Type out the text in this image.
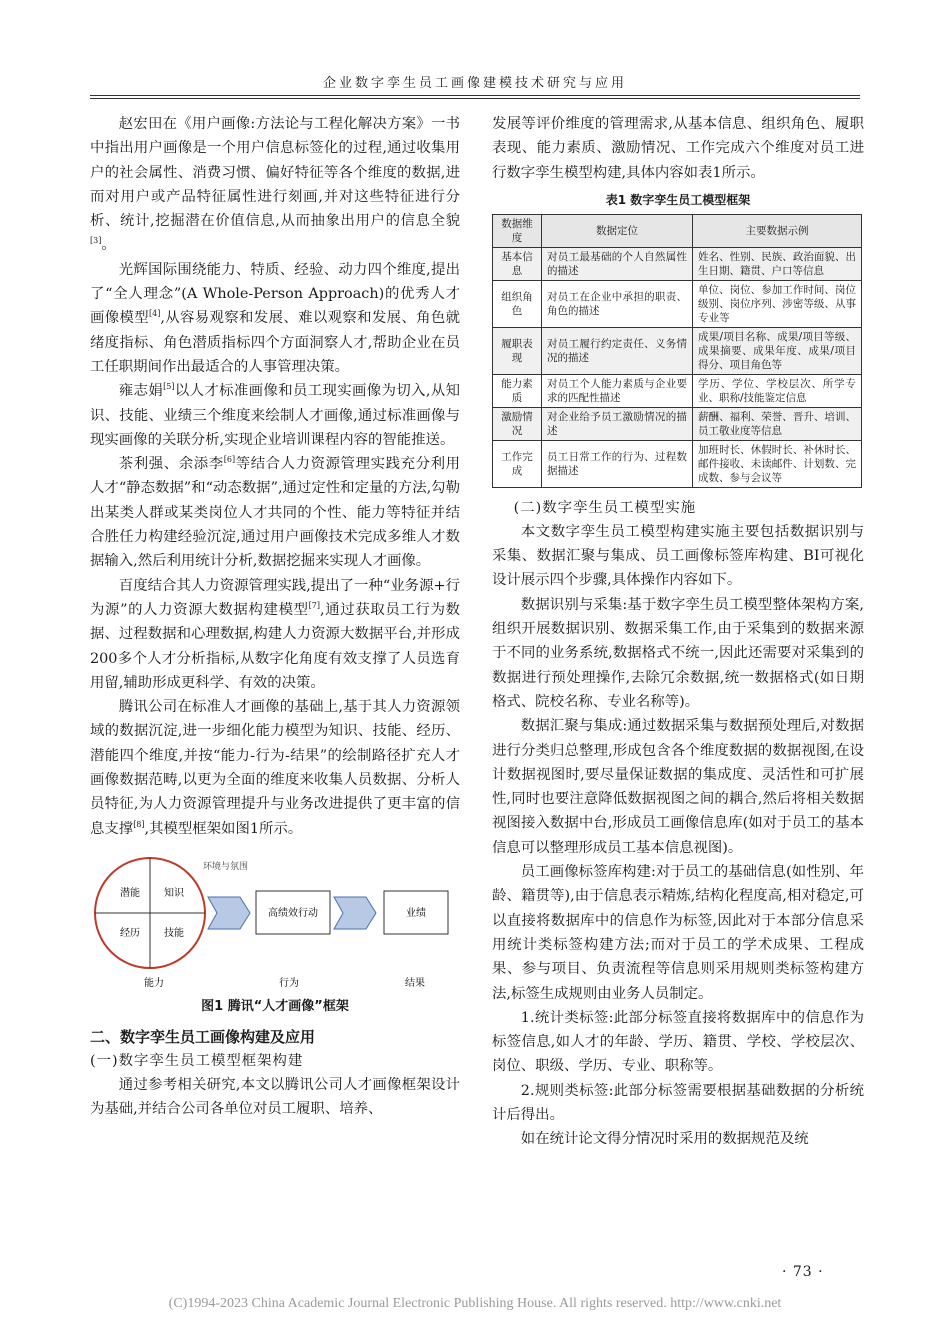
企业数字孪生员工画像建模技术研究与应用

赵宏田在《用户画像:方法论与工程化解决方案》一书中指出用户画像是一个用户信息标签化的过程,通过收集用户的社会属性、消费习惯、偏好特征等各个维度的数据,进而对用户或产品特征属性进行刻画,并对这些特征进行分析、统计,挖掘潜在价值信息,从而抽象出用户的信息全貌[3]。

光辉国际围绕能力、特质、经验、动力四个维度,提出了“全人理念”(A Whole-Person Approach)的优秀人才画像模型[4],从容易观察和发展、难以观察和发展、角色就绪度指标、角色潜质指标四个方面洞察人才,帮助企业在员工任职期间作出最适合的人事管理决策。

雍志娟[5]以人才标准画像和员工现实画像为切入,从知识、技能、业绩三个维度来绘制人才画像,通过标准画像与现实画像的关联分析,实现企业培训课程内容的智能推送。

茶利强、余添李[6]等结合人力资源管理实践充分利用人才“静态数据”和“动态数据”,通过定性和定量的方法,勾勒出某类人群或某类岗位人才共同的个性、能力等特征并结合胜任力构建经验沉淀,通过用户画像技术完成多维人才数据输入,然后利用统计分析,数据挖掘来实现人才画像。

百度结合其人力资源管理实践,提出了一种“业务源+行为源”的人力资源大数据构建模型[7],通过获取员工行为数据、过程数据和心理数据,构建人力资源大数据平台,并形成200多个人才分析指标,从数字化角度有效支撑了人员选育用留,辅助形成更科学、有效的决策。

腾讯公司在标准人才画像的基础上,基于其人力资源领域的数据沉淀,进一步细化能力模型为知识、技能、经历、潜能四个维度,并按“能力-行为-结果”的绘制路径扩充人才画像数据范畴,以更为全面的维度来收集人员数据、分析人员特征,为人力资源管理提升与业务改进提供了更丰富的信息支撑[8],其模型框架如图1所示。

潜能 知识
经历 技能
环境与氛围
高绩效行动	业绩
能力	行为	结果
图1 腾讯“人才画像”框架
二、数字孪生员工画像构建及应用
(一)数字孪生员工模型框架构建

通过参考相关研究,本文以腾讯公司人才画像框架设计为基础,并结合公司各单位对员工履职、培养、

发展等评价维度的管理需求,从基本信息、组织角色、履职表现、能力素质、激励情况、工作完成六个维度对员工进行数字孪生模型构建,具体内容如表1所示。

表1 数字孪生员工模型框架
数据维度	数据定位	主要数据示例
基本信息	对员工最基础的个人自然属性的描述	姓名、性别、民族、政治面貌、出生日期、籍贯、户口等信息
组织角色	对员工在企业中承担的职责、角色的描述	单位、岗位、参加工作时间、岗位级别、岗位序列、涉密等级、从事专业等
履职表现	对员工履行约定责任、义务情况的描述	成果/项目名称、成果/项目等级、成果摘要、成果年度、成果/项目得分、项目角色等
能力素质	对员工个人能力素质与企业要求的匹配性描述	学历、学位、学校层次、所学专业、职称/技能鉴定信息
激励情况	对企业给予员工激励情况的描述	薪酬、福利、荣誉、晋升、培训、员工敬业度等信息
工作完成	员工日常工作的行为、过程数据描述	加班时长、休假时长、补休时长、邮件接收、未读邮件、计划数、完成数、参与会议等
(二)数字孪生员工模型实施

本文数字孪生员工模型构建实施主要包括数据识别与采集、数据汇聚与集成、员工画像标签库构建、BI可视化设计展示四个步骤,具体操作内容如下。

数据识别与采集:基于数字孪生员工模型整体架构方案,组织开展数据识别、数据采集工作,由于采集到的数据来源于不同的业务系统,数据格式不统一,因此还需要对采集到的数据进行预处理操作,去除冗余数据,统一数据格式(如日期格式、院校名称、专业名称等)。

数据汇聚与集成:通过数据采集与数据预处理后,对数据进行分类归总整理,形成包含各个维度数据的数据视图,在设计数据视图时,要尽量保证数据的集成度、灵活性和可扩展性,同时也要注意降低数据视图之间的耦合,然后将相关数据视图接入数据中台,形成员工画像信息库(如对于员工的基本信息可以整理形成员工基本信息视图)。

员工画像标签库构建:对于员工的基础信息(如性别、年龄、籍贯等),由于信息表示精炼,结构化程度高,相对稳定,可以直接将数据库中的信息作为标签,因此对于本部分信息采用统计类标签构建方法;而对于员工的学术成果、工程成果、参与项目、负责流程等信息则采用规则类标签构建方法,标签生成规则由业务人员制定。

1.统计类标签:此部分标签直接将数据库中的信息作为标签信息,如人才的年龄、学历、籍贯、学校、学校层次、岗位、职级、学历、专业、职称等。

2.规则类标签:此部分标签需要根据基础数据的分析统计后得出。

如在统计论文得分情况时采用的数据规范及统

· 73 ·
(C)1994-2023 China Academic Journal Electronic Publishing House. All rights reserved. http://www.cnki.net
